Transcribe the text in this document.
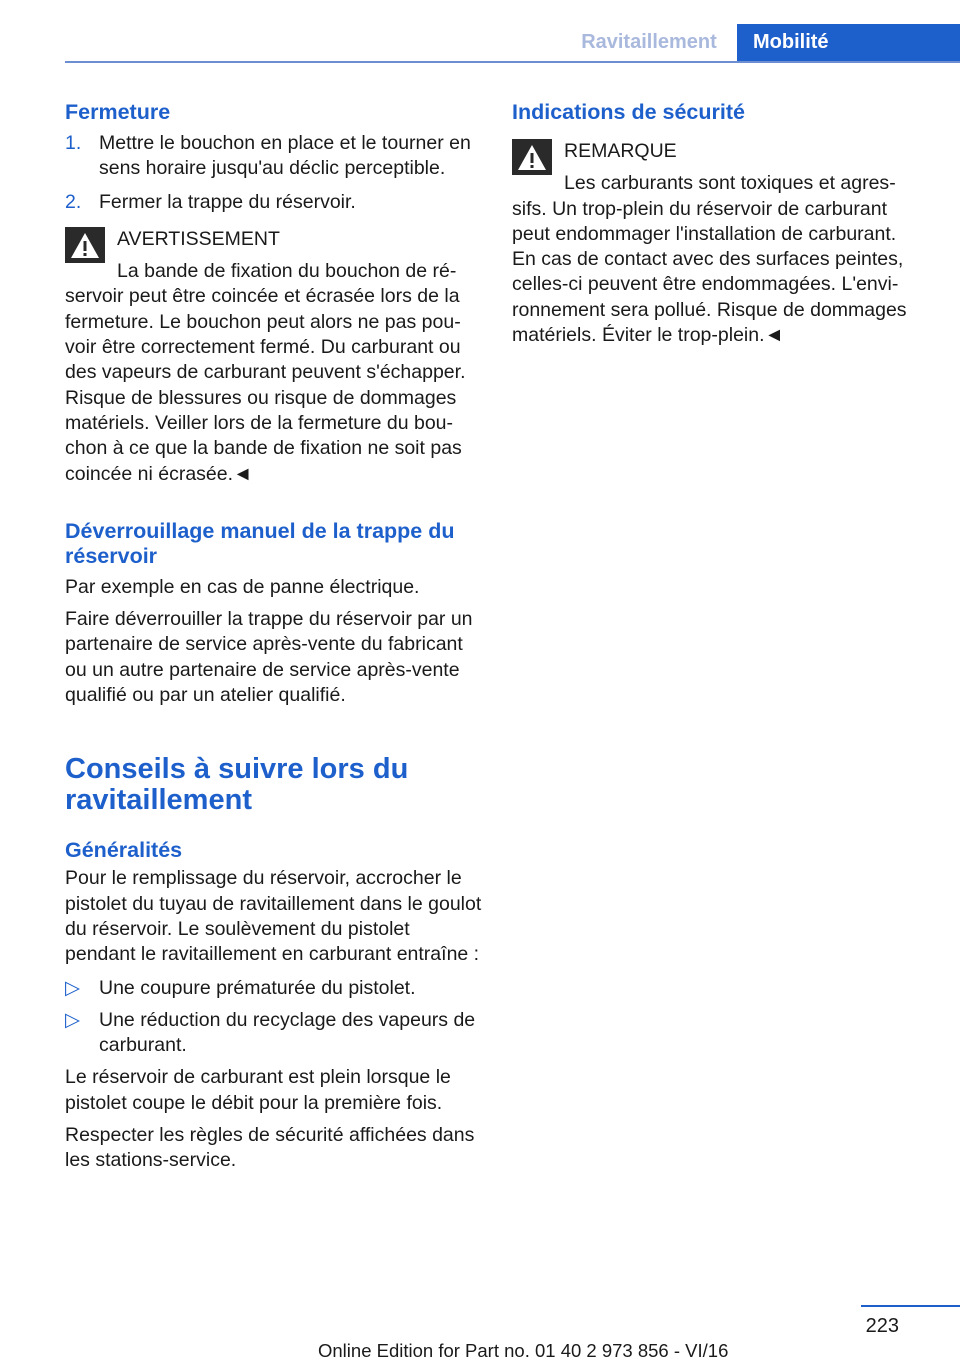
Ravitaillement	Mobilité
Fermeture
1. Mettre le bouchon en place et le tourner en sens horaire jusqu'au déclic perceptible.
2. Fermer la trappe du réservoir.
AVERTISSEMENT

La bande de fixation du bouchon de réservoir peut être coincée et écrasée lors de la fermeture. Le bouchon peut alors ne pas pouvoir être correctement fermé. Du carburant ou des vapeurs de carburant peuvent s'échapper. Risque de blessures ou risque de dommages matériels. Veiller lors de la fermeture du bouchon à ce que la bande de fixation ne soit pas coincée ni écrasée.◄

Déverrouillage manuel de la trappe du réservoir

Par exemple en cas de panne électrique.

Faire déverrouiller la trappe du réservoir par un partenaire de service après-vente du fabricant ou un autre partenaire de service après-vente qualifié ou par un atelier qualifié.

Conseils à suivre lors du ravitaillement
Généralités

Pour le remplissage du réservoir, accrocher le pistolet du tuyau de ravitaillement dans le goulot du réservoir. Le soulèvement du pistolet pendant le ravitaillement en carburant entraîne :

▷ Une coupure prématurée du pistolet.
▷ Une réduction du recyclage des vapeurs de carburant.

Le réservoir de carburant est plein lorsque le pistolet coupe le débit pour la première fois.

Respecter les règles de sécurité affichées dans les stations-service.

Indications de sécurité
REMARQUE

Les carburants sont toxiques et agressifs. Un trop-plein du réservoir de carburant peut endommager l'installation de carburant. En cas de contact avec des surfaces peintes, celles-ci peuvent être endommagées. L'environnement sera pollué. Risque de dommages matériels. Éviter le trop-plein.◄

223
Online Edition for Part no. 01 40 2 973 856 - VI/16
